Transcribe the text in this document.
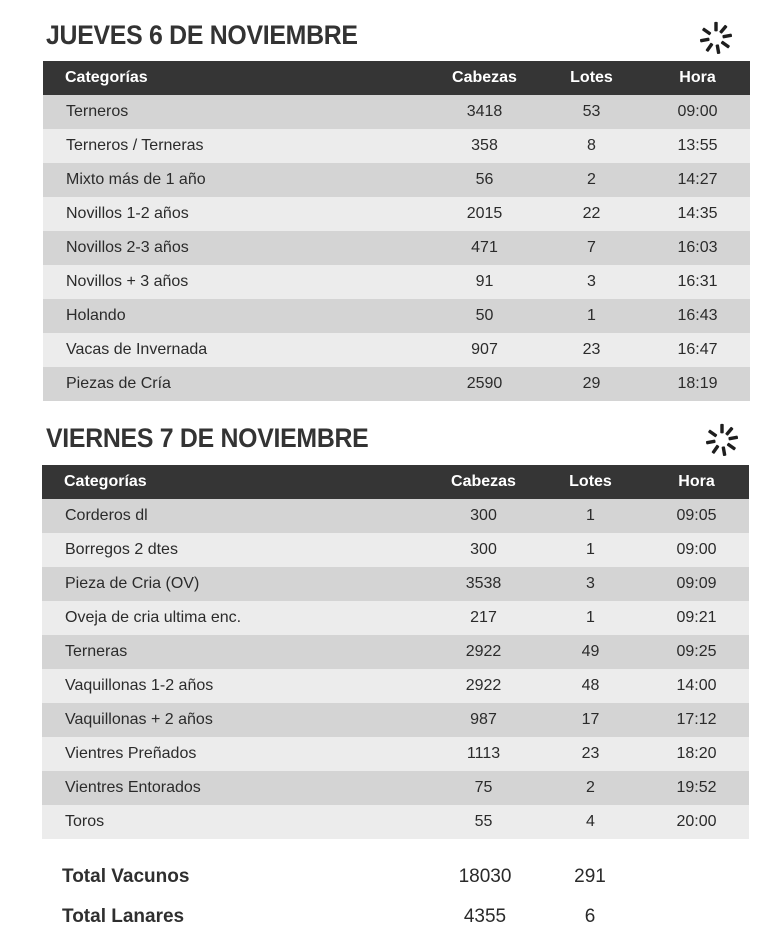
JUEVES 6 DE NOVIEMBRE
Categorías	Cabezas	Lotes	Hora
Terneros	3418	53	09:00
Terneros / Terneras	358	8	13:55
Mixto más de 1 año	56	2	14:27
Novillos 1-2 años	2015	22	14:35
Novillos 2-3 años	471	7	16:03
Novillos + 3 años	91	3	16:31
Holando	50	1	16:43
Vacas de Invernada	907	23	16:47
Piezas de Cría	2590	29	18:19
VIERNES 7 DE NOVIEMBRE
Categorías	Cabezas	Lotes	Hora
Corderos dl	300	1	09:05
Borregos 2 dtes	300	1	09:00
Pieza de Cria (OV)	3538	3	09:09
Oveja de cria ultima enc.	217	1	09:21
Terneras	2922	49	09:25
Vaquillonas 1-2 años	2922	48	14:00
Vaquillonas + 2 años	987	17	17:12
Vientres Preñados	1113	23	18:20
Vientres Entorados	75	2	19:52
Toros	55	4	20:00
Total Vacunos	18030	291
Total Lanares	4355	6
